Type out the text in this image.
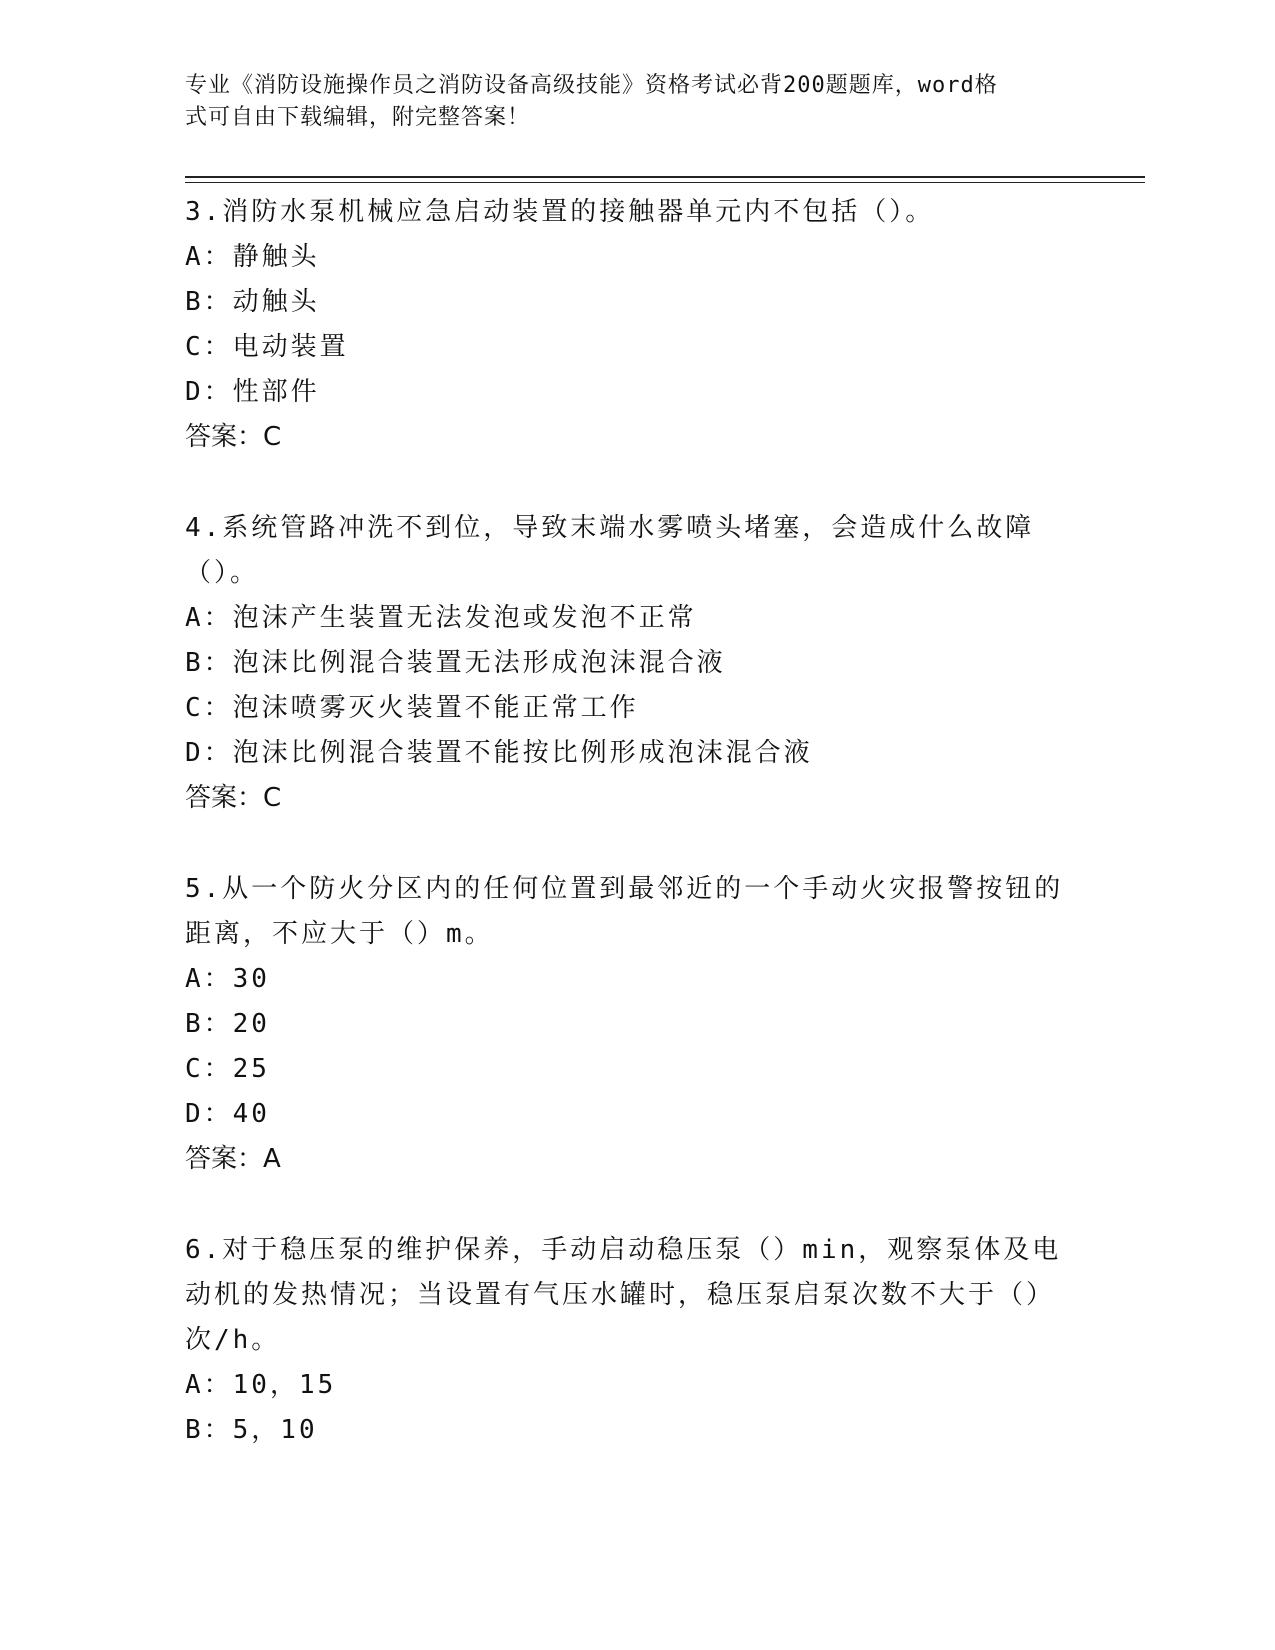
专业《消防设施操作员之消防设备高级技能》资格考试必背200题题库，word格
式可自由下载编辑，附完整答案！

3.消防水泵机械应急启动装置的接触器单元内不包括（）。

A：静触头

B：动触头

C：电动装置

D：性部件

答案：C

4.系统管路冲洗不到位，导致末端水雾喷头堵塞，会造成什么故障（）。

A：泡沫产生装置无法发泡或发泡不正常

B：泡沫比例混合装置无法形成泡沫混合液

C：泡沫喷雾灭火装置不能正常工作

D：泡沫比例混合装置不能按比例形成泡沫混合液

答案：C

5.从一个防火分区内的任何位置到最邻近的一个手动火灾报警按钮的距离，不应大于（）m。

A：30

B：20

C：25

D：40

答案：A

6.对于稳压泵的维护保养，手动启动稳压泵（）min，观察泵体及电动机的发热情况；当设置有气压水罐时，稳压泵启泵次数不大于（）次/h。

A：10，15

B：5，10
